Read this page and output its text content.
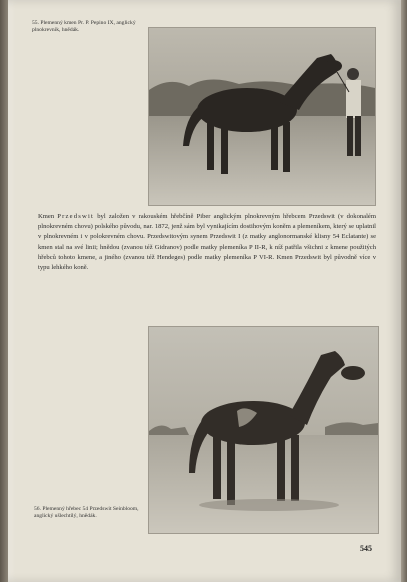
55. Plemenný kmen Pr. P. Pepino IX, anglický plnokrevník, hnědák.
Kmen Przedswit byl založen v rakouském hřebčíně Piber anglickým plnokrevným hřebcem Przedswit (v dokonalém plnokrevném chovu) polského původu, nar. 1872, jenž sám byl vynikajícím dostihovým koněm a plemeníkem, který se uplatnil v plnokrevném i v polokrevném chovu. Przedswitovým synem Przedswit I (z matky anglonormanské klisny 54 Eclatante) se kmen stal na své linii; hnědou (zvanou též Gidranov) podle matky plemeníka P II-R, k níž patřila všichni z kmene použitých hřebců tohoto kmene, a jiného (zvanou též Hendeges) podle matky plemeníka P VI-R. Kmen Przedswit byl původně více v typu lehkého koně.
56. Plemenný hřebec 54 Przedswit Seinbloom, anglický ušlechtilý, hnědák.
545
